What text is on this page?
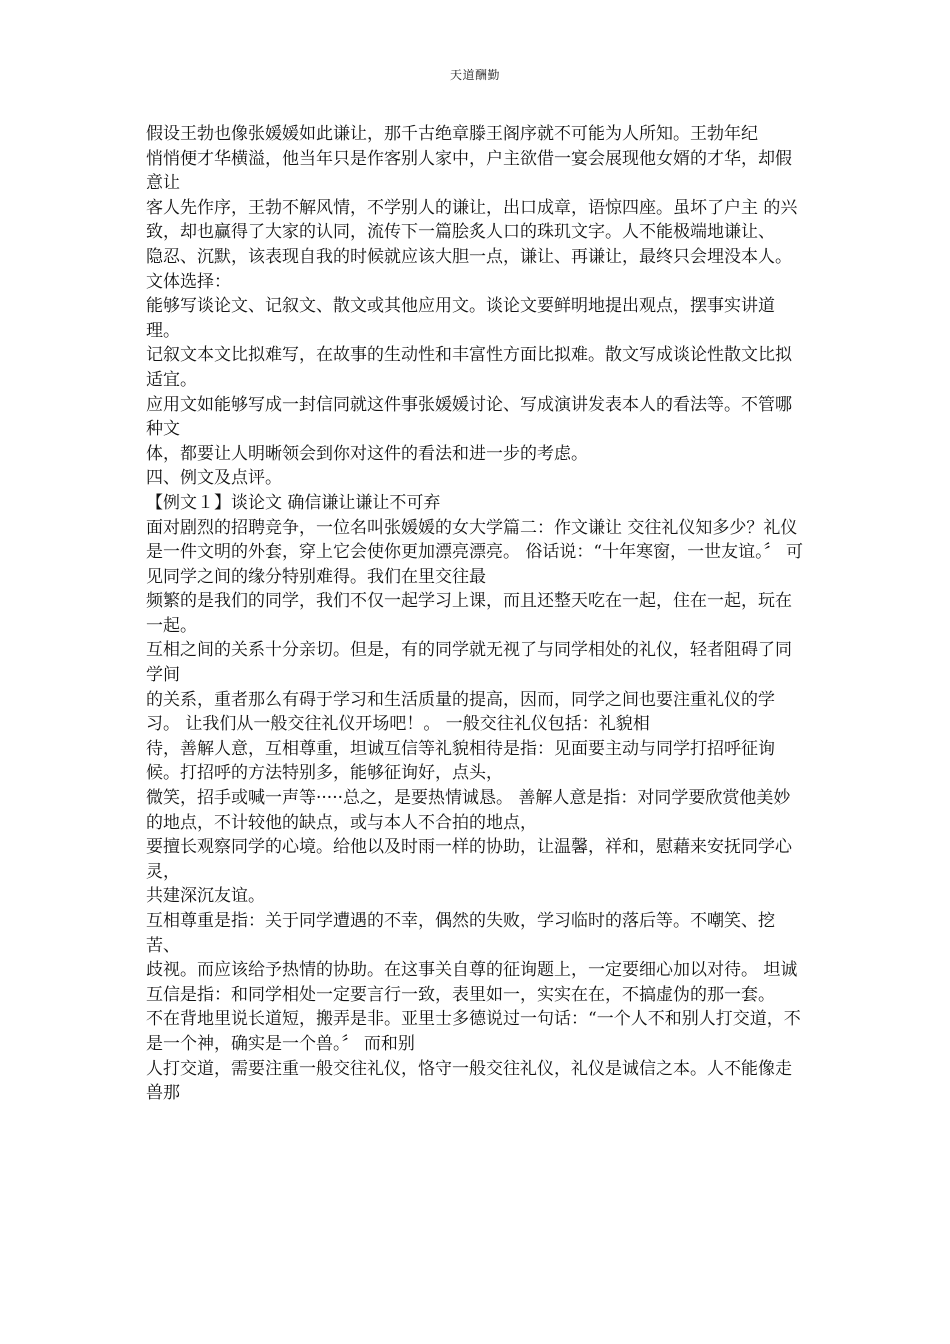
天道酬勤

假设王勃也像张媛媛如此谦让，那千古绝章滕王阁序就不可能为人所知。王勃年纪

悄悄便才华横溢，他当年只是作客别人家中，户主欲借一宴会展现他女婿的才华，却假意让

客人先作序，王勃不解风情，不学别人的谦让，出口成章，语惊四座。虽坏了户主 的兴致，却也赢得了大家的认同，流传下一篇脍炙人口的珠玑文字。人不能极端地谦让、

隐忍、沉默，该表现自我的时候就应该大胆一点，谦让、再谦让，最终只会埋没本人。 文体选择：

能够写谈论文、记叙文、散文或其他应用文。谈论文要鲜明地提出观点，摆事实讲道理。

记叙文本文比拟难写，在故事的生动性和丰富性方面比拟难。散文写成谈论性散文比拟适宜。

应用文如能够写成一封信同就这件事张媛媛讨论、写成演讲发表本人的看法等。不管哪种文

体，都要让人明晰领会到你对这件的看法和进一步的考虑。

四、例文及点评。

【例文１】谈论文 确信谦让谦让不可弃

面对剧烈的招聘竞争，一位名叫张媛媛的女大学篇二：作文谦让 交往礼仪知多少？礼仪是一件文明的外套，穿上它会使你更加漂亮漂亮。 俗话说：“十年寒窗，一世友谊。〞 可见同学之间的缘分特别难得。我们在里交往最

频繁的是我们的同学，我们不仅一起学习上课，而且还整天吃在一起，住在一起，玩在一起。

互相之间的关系十分亲切。但是，有的同学就无视了与同学相处的礼仪，轻者阻碍了同学间

的关系，重者那么有碍于学习和生活质量的提高，因而，同学之间也要注重礼仪的学习。 让我们从一般交往礼仪开场吧！。 一般交往礼仪包括：礼貌相

待，善解人意，互相尊重，坦诚互信等礼貌相待是指：见面要主动与同学打招呼征询候。打招呼的方法特别多，能够征询好，点头，

微笑，招手或喊一声等·····总之，是要热情诚恳。 善解人意是指：对同学要欣赏他美妙的地点，不计较他的缺点，或与本人不合拍的地点，

要擅长观察同学的心境。给他以及时雨一样的协助，让温馨，祥和，慰藉来安抚同学心灵，

共建深沉友谊。

互相尊重是指：关于同学遭遇的不幸，偶然的失败，学习临时的落后等。不嘲笑、挖苦、

歧视。而应该给予热情的协助。在这事关自尊的征询题上，一定要细心加以对待。 坦诚互信是指：和同学相处一定要言行一致，表里如一，实实在在，不搞虚伪的那一套。

不在背地里说长道短，搬弄是非。亚里士多德说过一句话：“一个人不和别人打交道，不是一个神，确实是一个兽。〞 而和别

人打交道，需要注重一般交往礼仪，恪守一般交往礼仪，礼仪是诚信之本。人不能像走兽那
